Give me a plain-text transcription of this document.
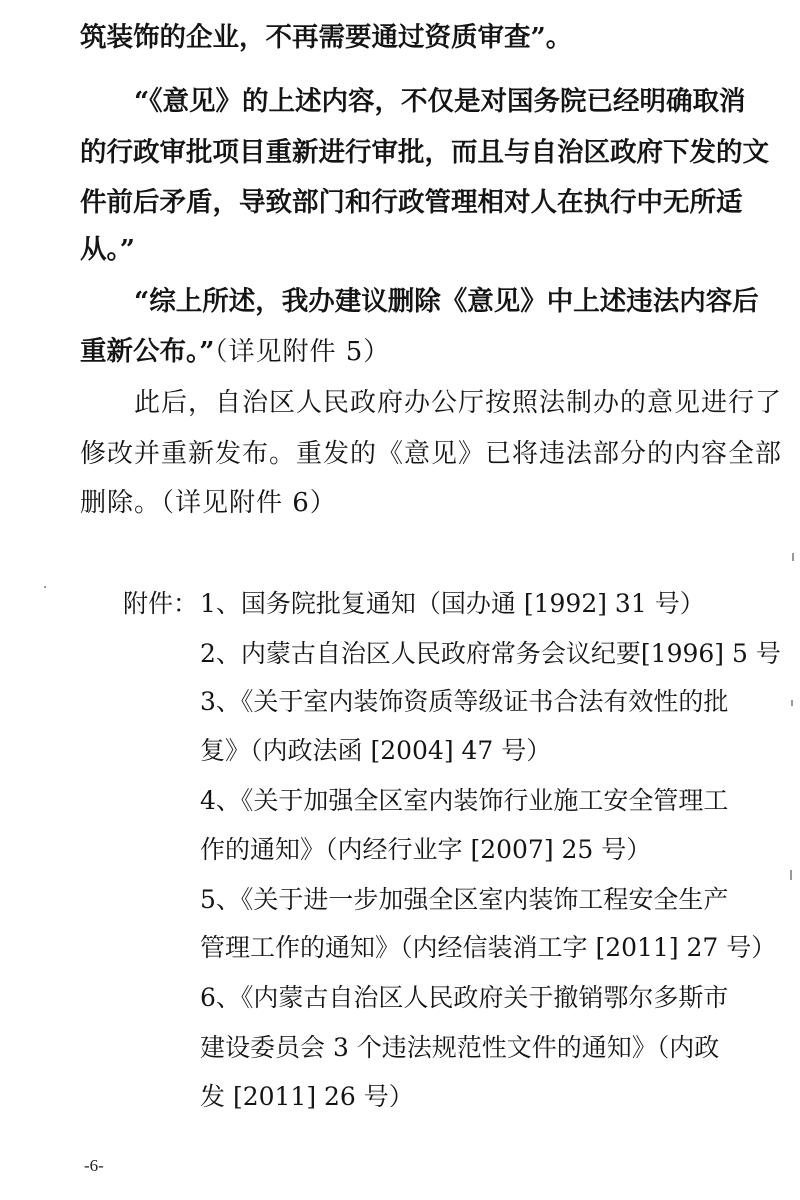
筑装饰的企业，不再需要通过资质审查”。
“《意见》的上述内容，不仅是对国务院已经明确取消
的行政审批项目重新进行审批，而且与自治区政府下发的文
件前后矛盾，导致部门和行政管理相对人在执行中无所适
从。”
“综上所述，我办建议删除《意见》中上述违法内容后
重新公布。”（详见附件 5）
此后，自治区人民政府办公厅按照法制办的意见进行了
修改并重新发布。重发的《意见》已将违法部分的内容全部
删除。（详见附件 6）
附件： 1、国务院批复通知（国办通 [1992] 31 号）
2、内蒙古自治区人民政府常务会议纪要[1996] 5 号
3、《关于室内装饰资质等级证书合法有效性的批
复》（内政法函 [2004] 47 号）
4、《关于加强全区室内装饰行业施工安全管理工
作的通知》（内经行业字 [2007] 25 号）
5、《关于进一步加强全区室内装饰工程安全生产
管理工作的通知》（内经信装消工字 [2011] 27 号）
6、《内蒙古自治区人民政府关于撤销鄂尔多斯市
建设委员会 3 个违法规范性文件的通知》（内政
发 [2011] 26 号）
-6-
